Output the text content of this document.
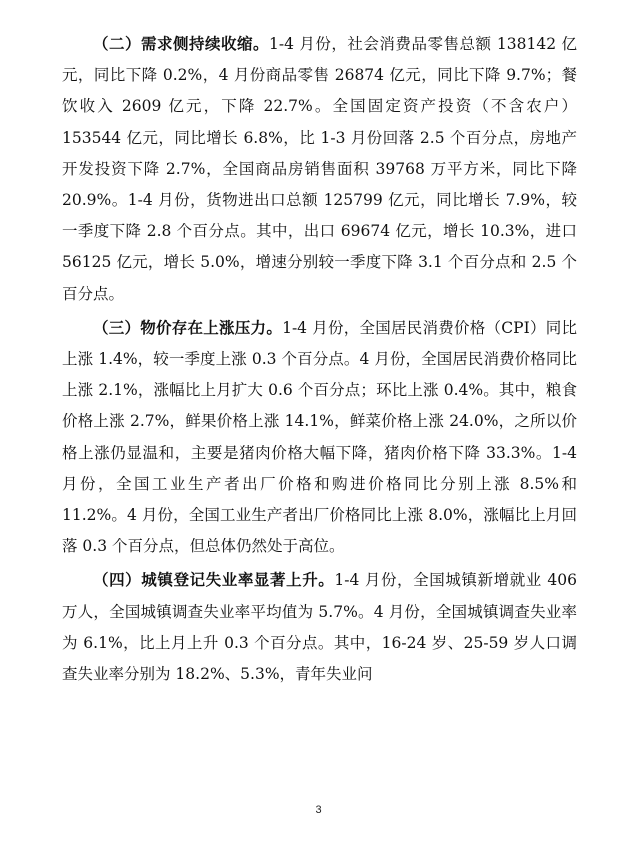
（二）需求侧持续收缩。1-4 月份，社会消费品零售总额 138142 亿元，同比下降 0.2%，4 月份商品零售 26874 亿元，同比下降 9.7%；餐饮收入 2609 亿元，下降 22.7%。全国固定资产投资（不含农户）153544 亿元，同比增长 6.8%，比 1-3 月份回落 2.5 个百分点，房地产开发投资下降 2.7%，全国商品房销售面积 39768 万平方米，同比下降 20.9%。1-4 月份，货物进出口总额 125799 亿元，同比增长 7.9%，较一季度下降 2.8 个百分点。其中，出口 69674 亿元，增长 10.3%，进口 56125 亿元，增长 5.0%，增速分别较一季度下降 3.1 个百分点和 2.5 个百分点。

（三）物价存在上涨压力。1-4 月份，全国居民消费价格（CPI）同比上涨 1.4%，较一季度上涨 0.3 个百分点。4 月份，全国居民消费价格同比上涨 2.1%，涨幅比上月扩大 0.6 个百分点；环比上涨 0.4%。其中，粮食价格上涨 2.7%，鲜果价格上涨 14.1%，鲜菜价格上涨 24.0%，之所以价格上涨仍显温和，主要是猪肉价格大幅下降，猪肉价格下降 33.3%。1-4 月份，全国工业生产者出厂价格和购进价格同比分别上涨 8.5%和 11.2%。4 月份，全国工业生产者出厂价格同比上涨 8.0%，涨幅比上月回落 0.3 个百分点，但总体仍然处于高位。

（四）城镇登记失业率显著上升。1-4 月份，全国城镇新增就业 406 万人，全国城镇调查失业率平均值为 5.7%。4 月份，全国城镇调查失业率为 6.1%，比上月上升 0.3 个百分点。其中，16-24 岁、25-59 岁人口调查失业率分别为 18.2%、5.3%，青年失业问

3
